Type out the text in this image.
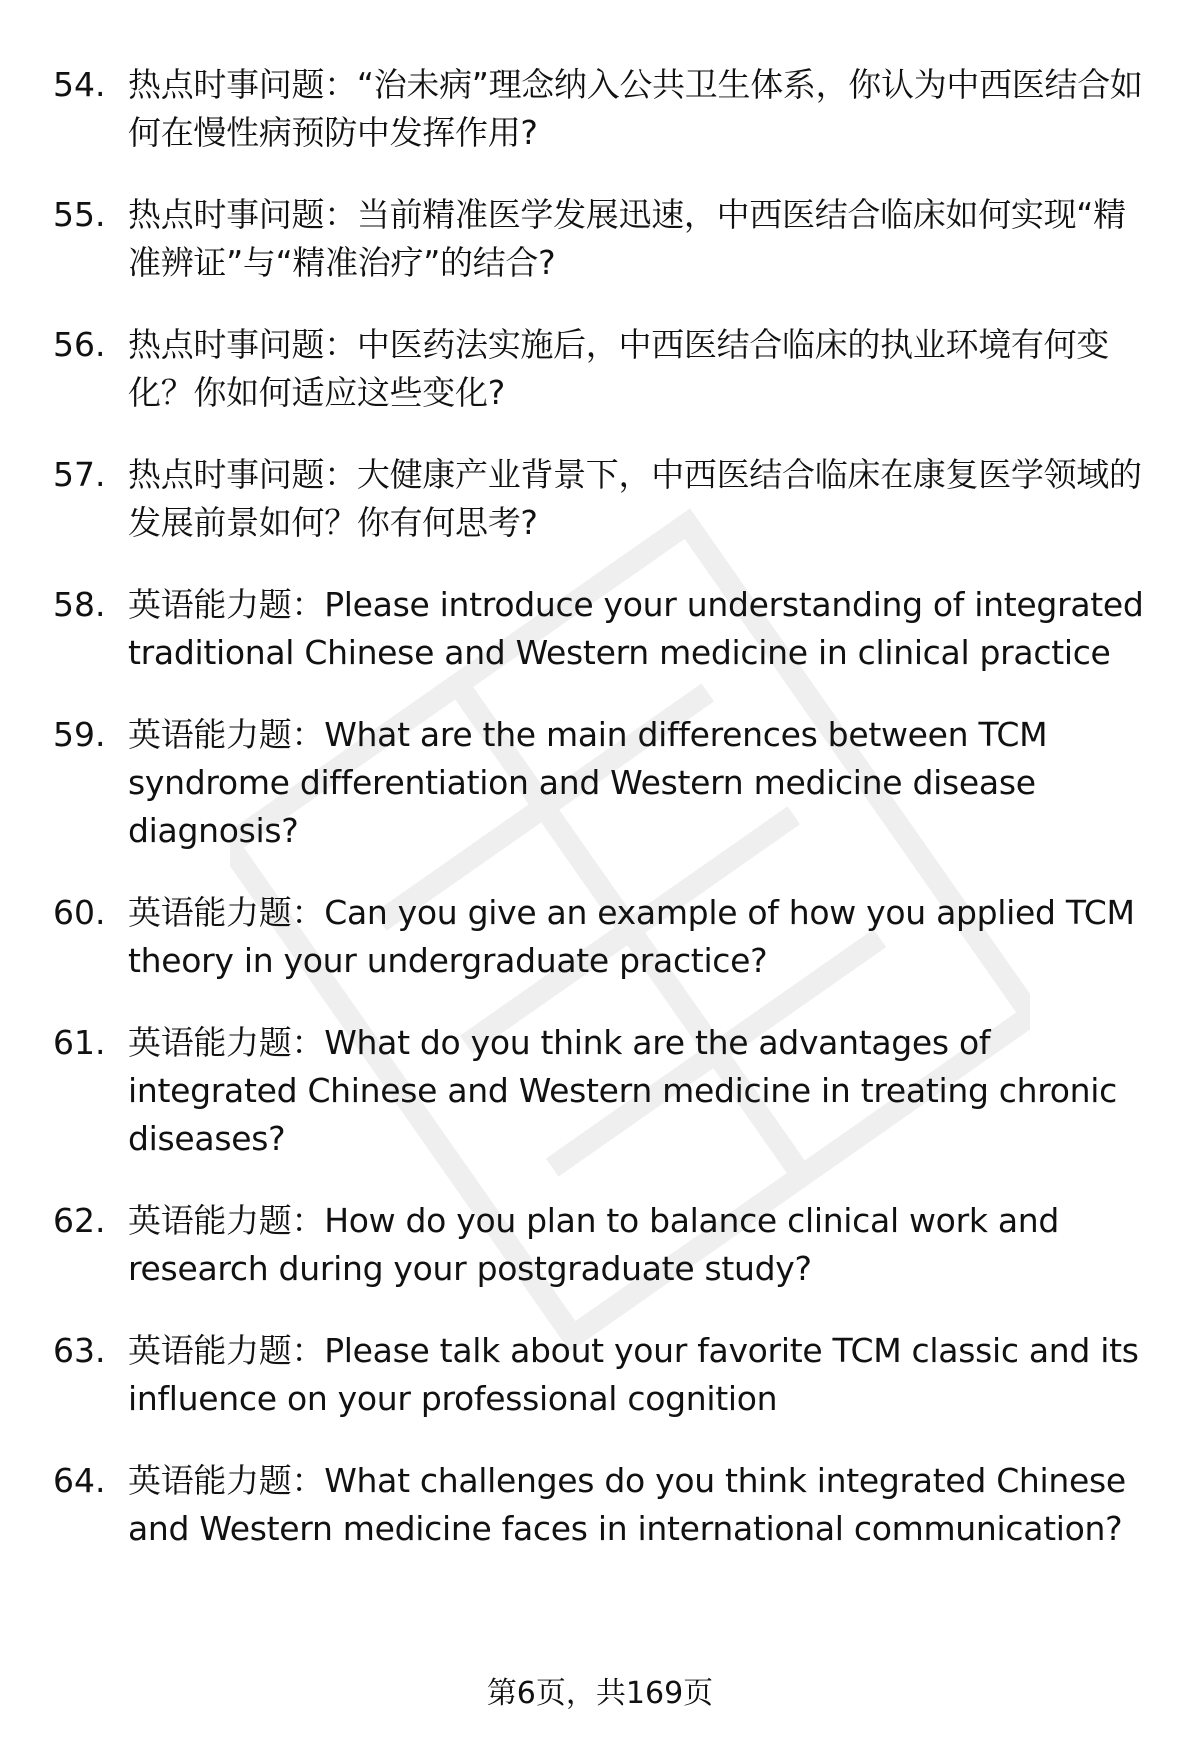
54. 热点时事问题：“治未病”理念纳入公共卫生体系，你认为中西医结合如何在慢性病预防中发挥作用?
55. 热点时事问题：当前精准医学发展迅速，中西医结合临床如何实现“精准辨证”与“精准治疗”的结合?
56. 热点时事问题：中医药法实施后，中西医结合临床的执业环境有何变化？你如何适应这些变化?
57. 热点时事问题：大健康产业背景下，中西医结合临床在康复医学领域的发展前景如何？你有何思考?
58. 英语能力题：Please introduce your understanding of integrated traditional Chinese and Western medicine in clinical practice
59. 英语能力题：What are the main differences between TCM syndrome differentiation and Western medicine disease diagnosis?
60. 英语能力题：Can you give an example of how you applied TCM theory in your undergraduate practice?
61. 英语能力题：What do you think are the advantages of integrated Chinese and Western medicine in treating chronic diseases?
62. 英语能力题：How do you plan to balance clinical work and research during your postgraduate study?
63. 英语能力题：Please talk about your favorite TCM classic and its influence on your professional cognition
64. 英语能力题：What challenges do you think integrated Chinese and Western medicine faces in international communication?
第6页，共169页
